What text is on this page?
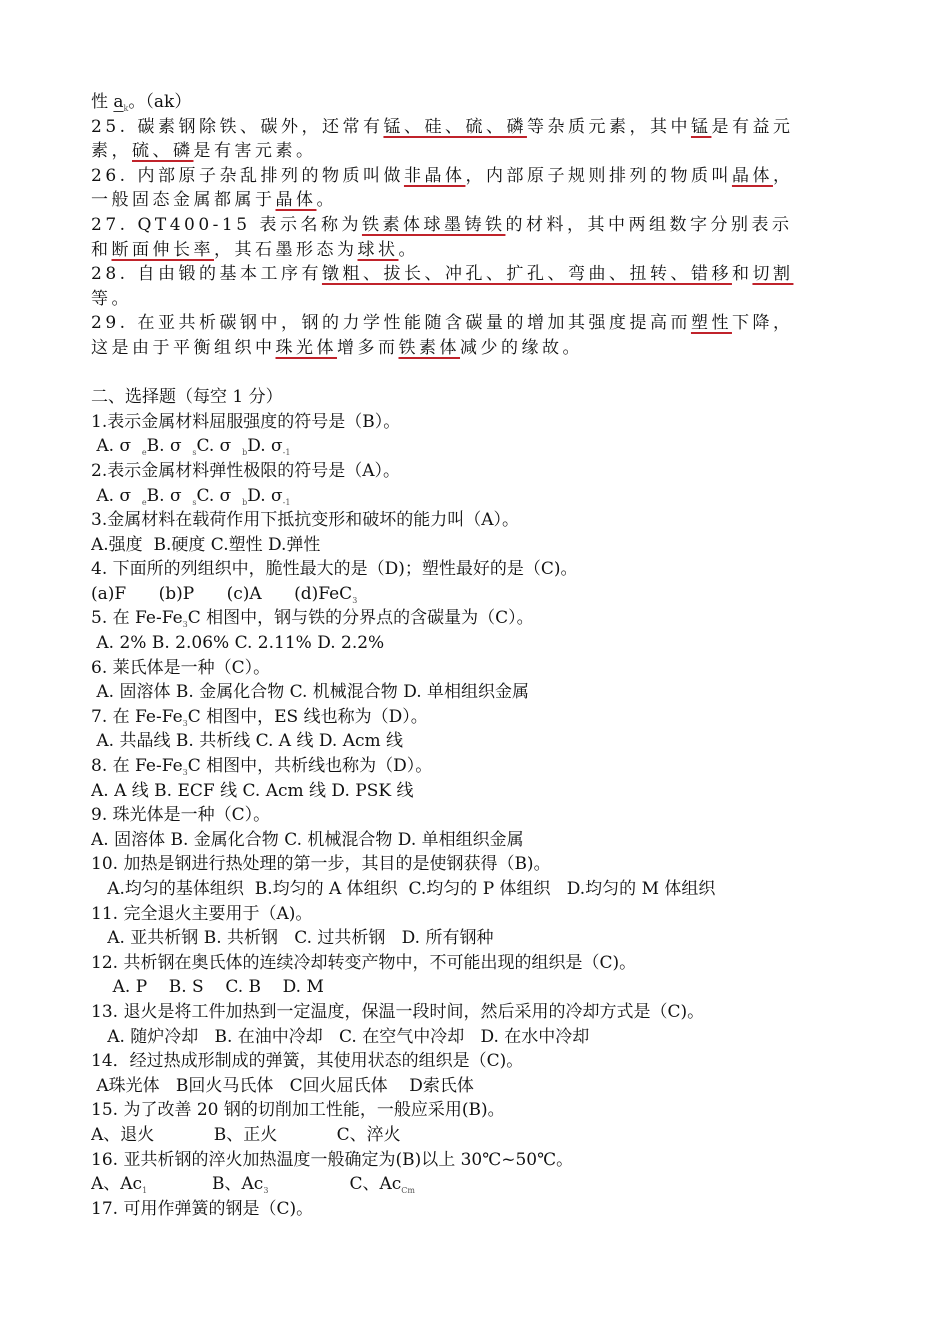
性 $a_k$。（ak）
25. 碳素钢除铁、碳外，还常有锰、硅、硫、磷等杂质元素，其中锰是有益元
素，硫、磷是有害元素。
26. 内部原子杂乱排列的物质叫做非晶体，内部原子规则排列的物质叫晶体，
一般固态金属都属于晶体。
27. QT400-15 表示名称为铁素体球墨铸铁的材料，其中两组数字分别表示
和断面伸长率，其石墨形态为球状。
28. 自由锻的基本工序有镦粗、拔长、冲孔、扩孔、弯曲、扭转、错移和切割
等。
29. 在亚共析碳钢中，钢的力学性能随含碳量的增加其强度提高而塑性下降，
这是由于平衡组织中珠光体增多而铁素体减少的缘故。
二、选择题（每空 1 分）
1.表示金属材料屈服强度的符号是（B）。
A. σ  $_e$B. σ  $_s$C. σ  $_b$D. $\sigma_{-1}$
2.表示金属材料弹性极限的符号是（A）。
A. σ  $_e$B. σ  $_s$C. σ  $_b$D. $\sigma_{-1}$
3.金属材料在载荷作用下抵抗变形和破坏的能力叫（A）。
A.强度  B.硬度 C.塑性 D.弹性
4. 下面所的列组织中，脆性最大的是（D)；塑性最好的是（C)。
(a)F      (b)P      (c)A      (d)FeC$_3$
5. 在 $Fe-Fe_3C$ 相图中，钢与铁的分界点的含碳量为（C）。
A. 2% B. 2.06% C. 2.11% D. 2.2%
6. 莱氏体是一种（C）。
A. 固溶体 B. 金属化合物 C. 机械混合物 D. 单相组织金属
7. 在 $Fe-Fe_3C$ 相图中，ES 线也称为（D）。
A. 共晶线 B. 共析线 C. A 线 D. Acm 线
8. 在 $Fe-Fe_3C$ 相图中，共析线也称为（D）。
A. A 线 B. ECF 线 C. Acm 线 D. PSK 线
9. 珠光体是一种（C）。
A. 固溶体 B. 金属化合物 C. 机械混合物 D. 单相组织金属
10. 加热是钢进行热处理的第一步，其目的是使钢获得（B)。
A.均匀的基体组织  B.均匀的 A 体组织  C.均匀的 P 体组织   D.均匀的 M 体组织
11. 完全退火主要用于（A)。
A. 亚共析钢 B. 共析钢   C. 过共析钢   D. 所有钢种
12. 共析钢在奥氏体的连续冷却转变产物中，不可能出现的组织是（C)。
A. P    B. S    C. B    D. M
13. 退火是将工件加热到一定温度，保温一段时间，然后采用的冷却方式是（C)。
A. 随炉冷却   B. 在油中冷却   C. 在空气中冷却   D. 在水中冷却
14．经过热成形制成的弹簧，其使用状态的组织是（C)。
A珠光体   B回火马氏体   C回火屈氏体    D索氏体
15. 为了改善 20 钢的切削加工性能，一般应采用(B)。
A、退火           B、正火           C、淬火
16. 亚共析钢的淬火加热温度一般确定为(B)以上 30℃~50℃。
A、$Ac_1$            B、$Ac_3$               C、$Ac_{Cm}$
17. 可用作弹簧的钢是（C)。
